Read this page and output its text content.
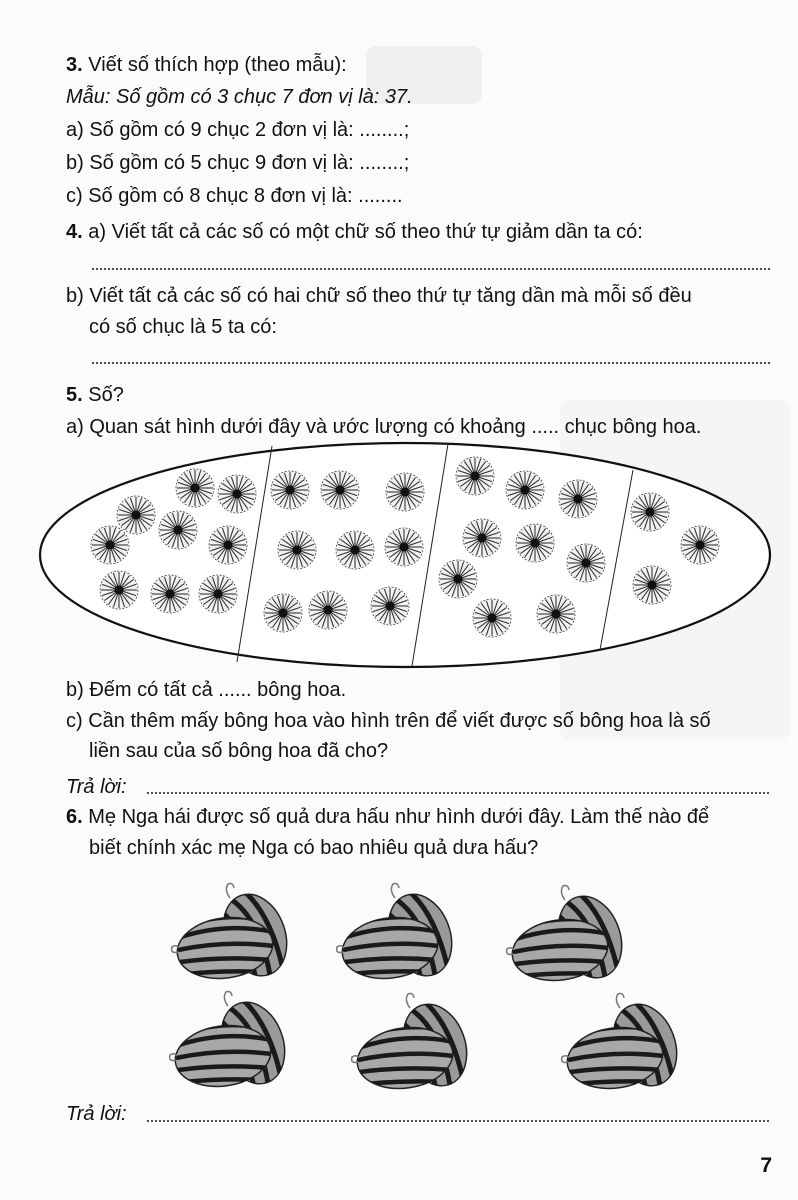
3. Viết số thích hợp (theo mẫu):
Mẫu: Số gồm có 3 chục 7 đơn vị là: 37.
a) Số gồm có 9 chục 2 đơn vị là: ........;
b) Số gồm có 5 chục 9 đơn vị là: ........;
c) Số gồm có 8 chục 8 đơn vị là: ........
4. a) Viết tất cả các số có một chữ số theo thứ tự giảm dần ta có:
b) Viết tất cả các số có hai chữ số theo thứ tự tăng dần mà mỗi số đều
có số chục là 5 ta có:
5. Số?
a) Quan sát hình dưới đây và ước lượng có khoảng ..... chục bông hoa.
b) Đếm có tất cả ...... bông hoa.
c) Cần thêm mấy bông hoa vào hình trên để viết được số bông hoa là số
liền sau của số bông hoa đã cho?
Trả lời:
6. Mẹ Nga hái được số quả dưa hấu như hình dưới đây. Làm thế nào để
biết chính xác mẹ Nga có bao nhiêu quả dưa hấu?
Trả lời:
7
